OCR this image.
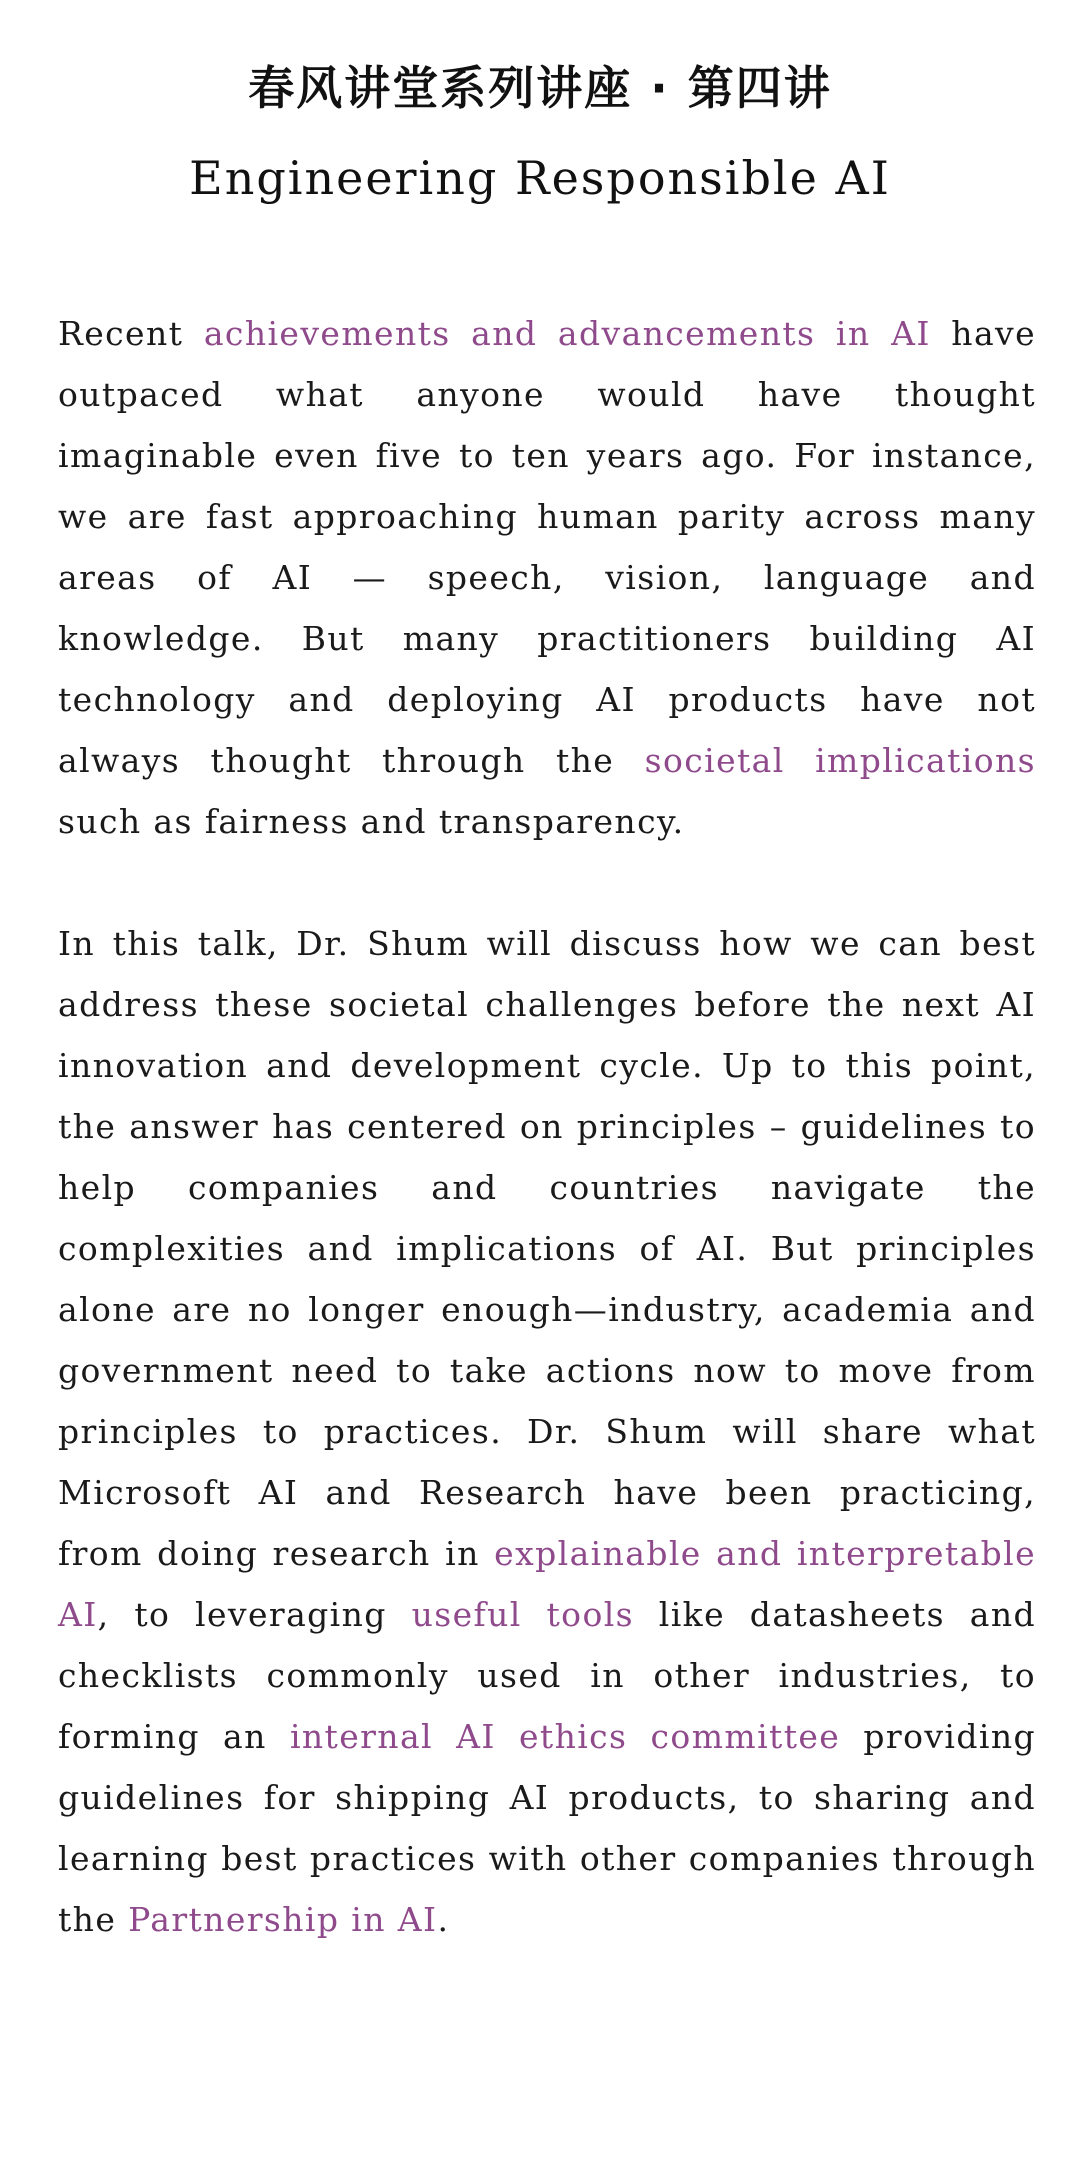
春风讲堂系列讲座 · 第四讲
Engineering Responsible AI

Recent achievements and advancements in AI have outpaced what anyone would have thought imaginable even five to ten years ago. For instance, we are fast approaching human parity across many areas of AI — speech, vision, language and knowledge. But many practitioners building AI technology and deploying AI products have not always thought through the societal implications such as fairness and transparency.

In this talk, Dr. Shum will discuss how we can best address these societal challenges before the next AI innovation and development cycle. Up to this point, the answer has centered on principles – guidelines to help companies and countries navigate the complexities and implications of AI. But principles alone are no longer enough—industry, academia and government need to take actions now to move from principles to practices. Dr. Shum will share what Microsoft AI and Research have been practicing, from doing research in explainable and interpretable AI, to leveraging useful tools like datasheets and checklists commonly used in other industries, to forming an internal AI ethics committee providing guidelines for shipping AI products, to sharing and learning best practices with other companies through the Partnership in AI.
